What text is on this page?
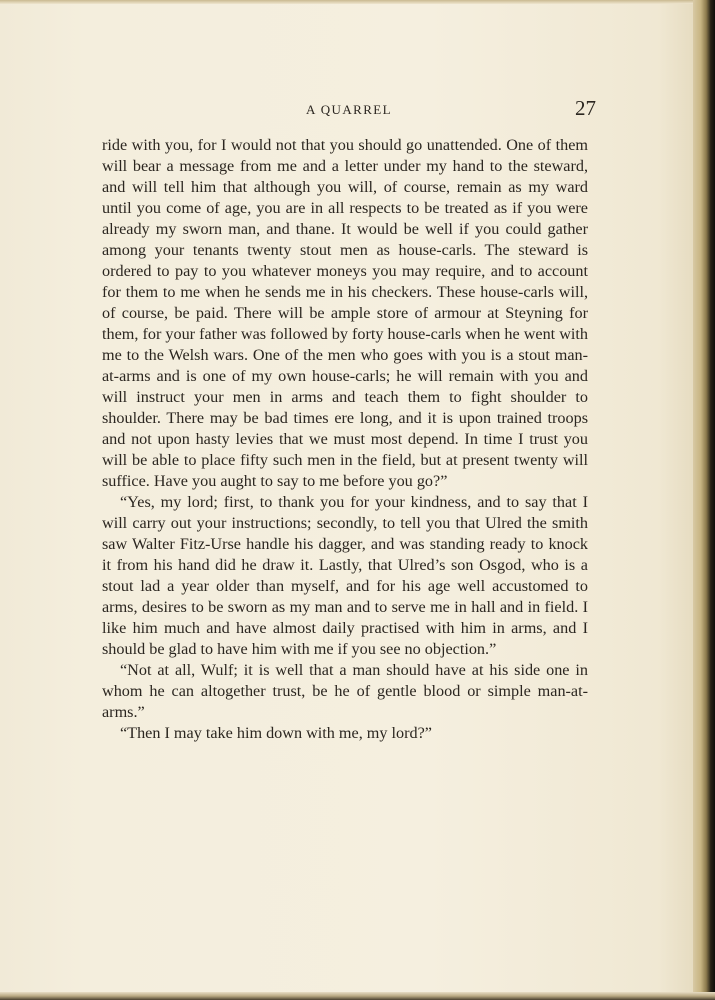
A QUARREL	27

ride with you, for I would not that you should go unattended. One of them will bear a message from me and a letter under my hand to the steward, and will tell him that although you will, of course, remain as my ward until you come of age, you are in all respects to be treated as if you were already my sworn man, and thane. It would be well if you could gather among your tenants twenty stout men as house-carls. The steward is ordered to pay to you whatever moneys you may require, and to account for them to me when he sends me in his checkers. These house-carls will, of course, be paid. There will be ample store of armour at Steyning for them, for your father was followed by forty house-carls when he went with me to the Welsh wars. One of the men who goes with you is a stout man-at-arms and is one of my own house-carls; he will remain with you and will instruct your men in arms and teach them to fight shoulder to shoulder. There may be bad times ere long, and it is upon trained troops and not upon hasty levies that we must most depend. In time I trust you will be able to place fifty such men in the field, but at present twenty will suffice. Have you aught to say to me before you go?”

“Yes, my lord; first, to thank you for your kindness, and to say that I will carry out your instructions; secondly, to tell you that Ulred the smith saw Walter Fitz-Urse handle his dagger, and was standing ready to knock it from his hand did he draw it. Lastly, that Ulred’s son Osgod, who is a stout lad a year older than myself, and for his age well accustomed to arms, desires to be sworn as my man and to serve me in hall and in field. I like him much and have almost daily practised with him in arms, and I should be glad to have him with me if you see no objection.”

“Not at all, Wulf; it is well that a man should have at his side one in whom he can altogether trust, be he of gentle blood or simple man-at-arms.”

“Then I may take him down with me, my lord?”
